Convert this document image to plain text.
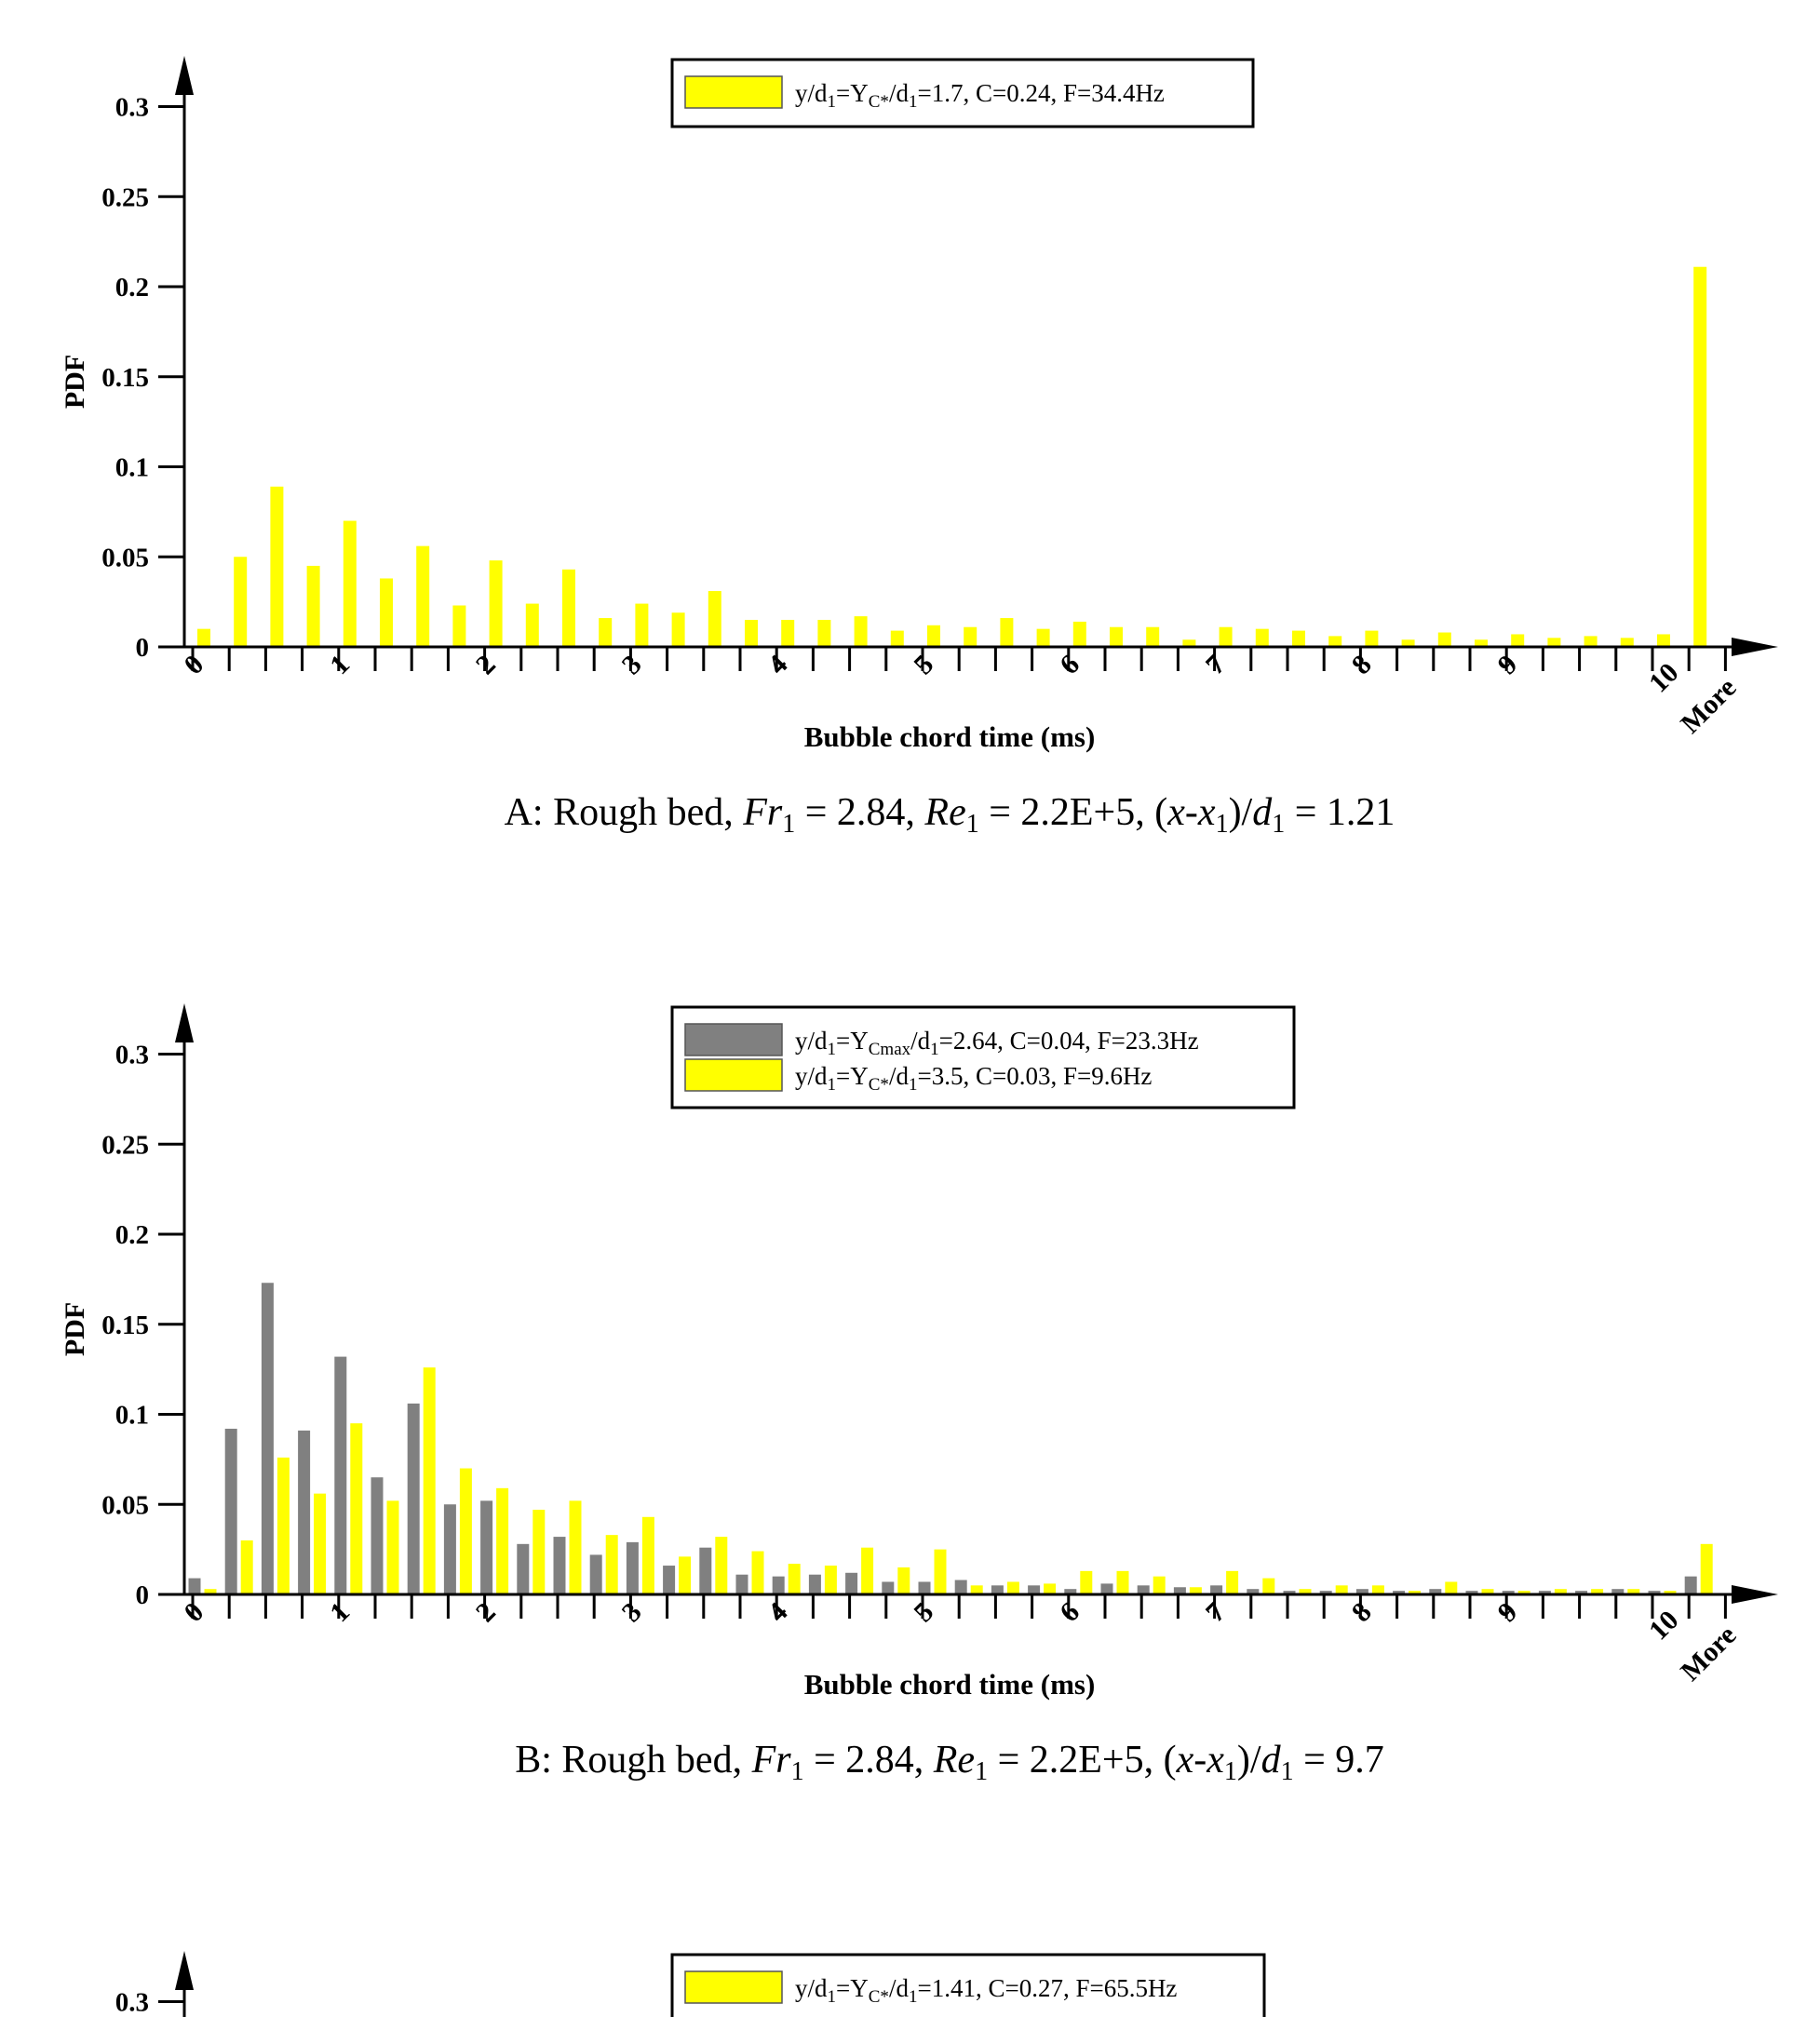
0
0.05
0.1
0.15
0.2
0.25
0.3
PDF
0	1	2	3	4	5	6	7	8	9	10
More
Bubble chord time (ms)
A: Rough bed, Fr1 = 2.84, Re1 = 2.2E+5, (x-x1)/d1 = 1.21
$y/d_1=Y_{C*}/d_1=1.7$, C=0.24, F=34.4Hz
0
0.05
0.1
0.15
0.2
0.25
0.3
PDF
0	1	2	3	4	5	6	7	8	9	10
More
Bubble chord time (ms)
B: Rough bed, Fr1 = 2.84, Re1 = 2.2E+5, (x-x1)/d1 = 9.7
$y/d_1=Y_{Cmax}/d_1=2.64$, C=0.04, F=23.3Hz
$y/d_1=Y_{C*}/d_1=3.5$, C=0.03, F=9.6Hz
0.3	$y/d_1=Y_{C*}/d_1=1.41$, C=0.27, F=65.5Hz
